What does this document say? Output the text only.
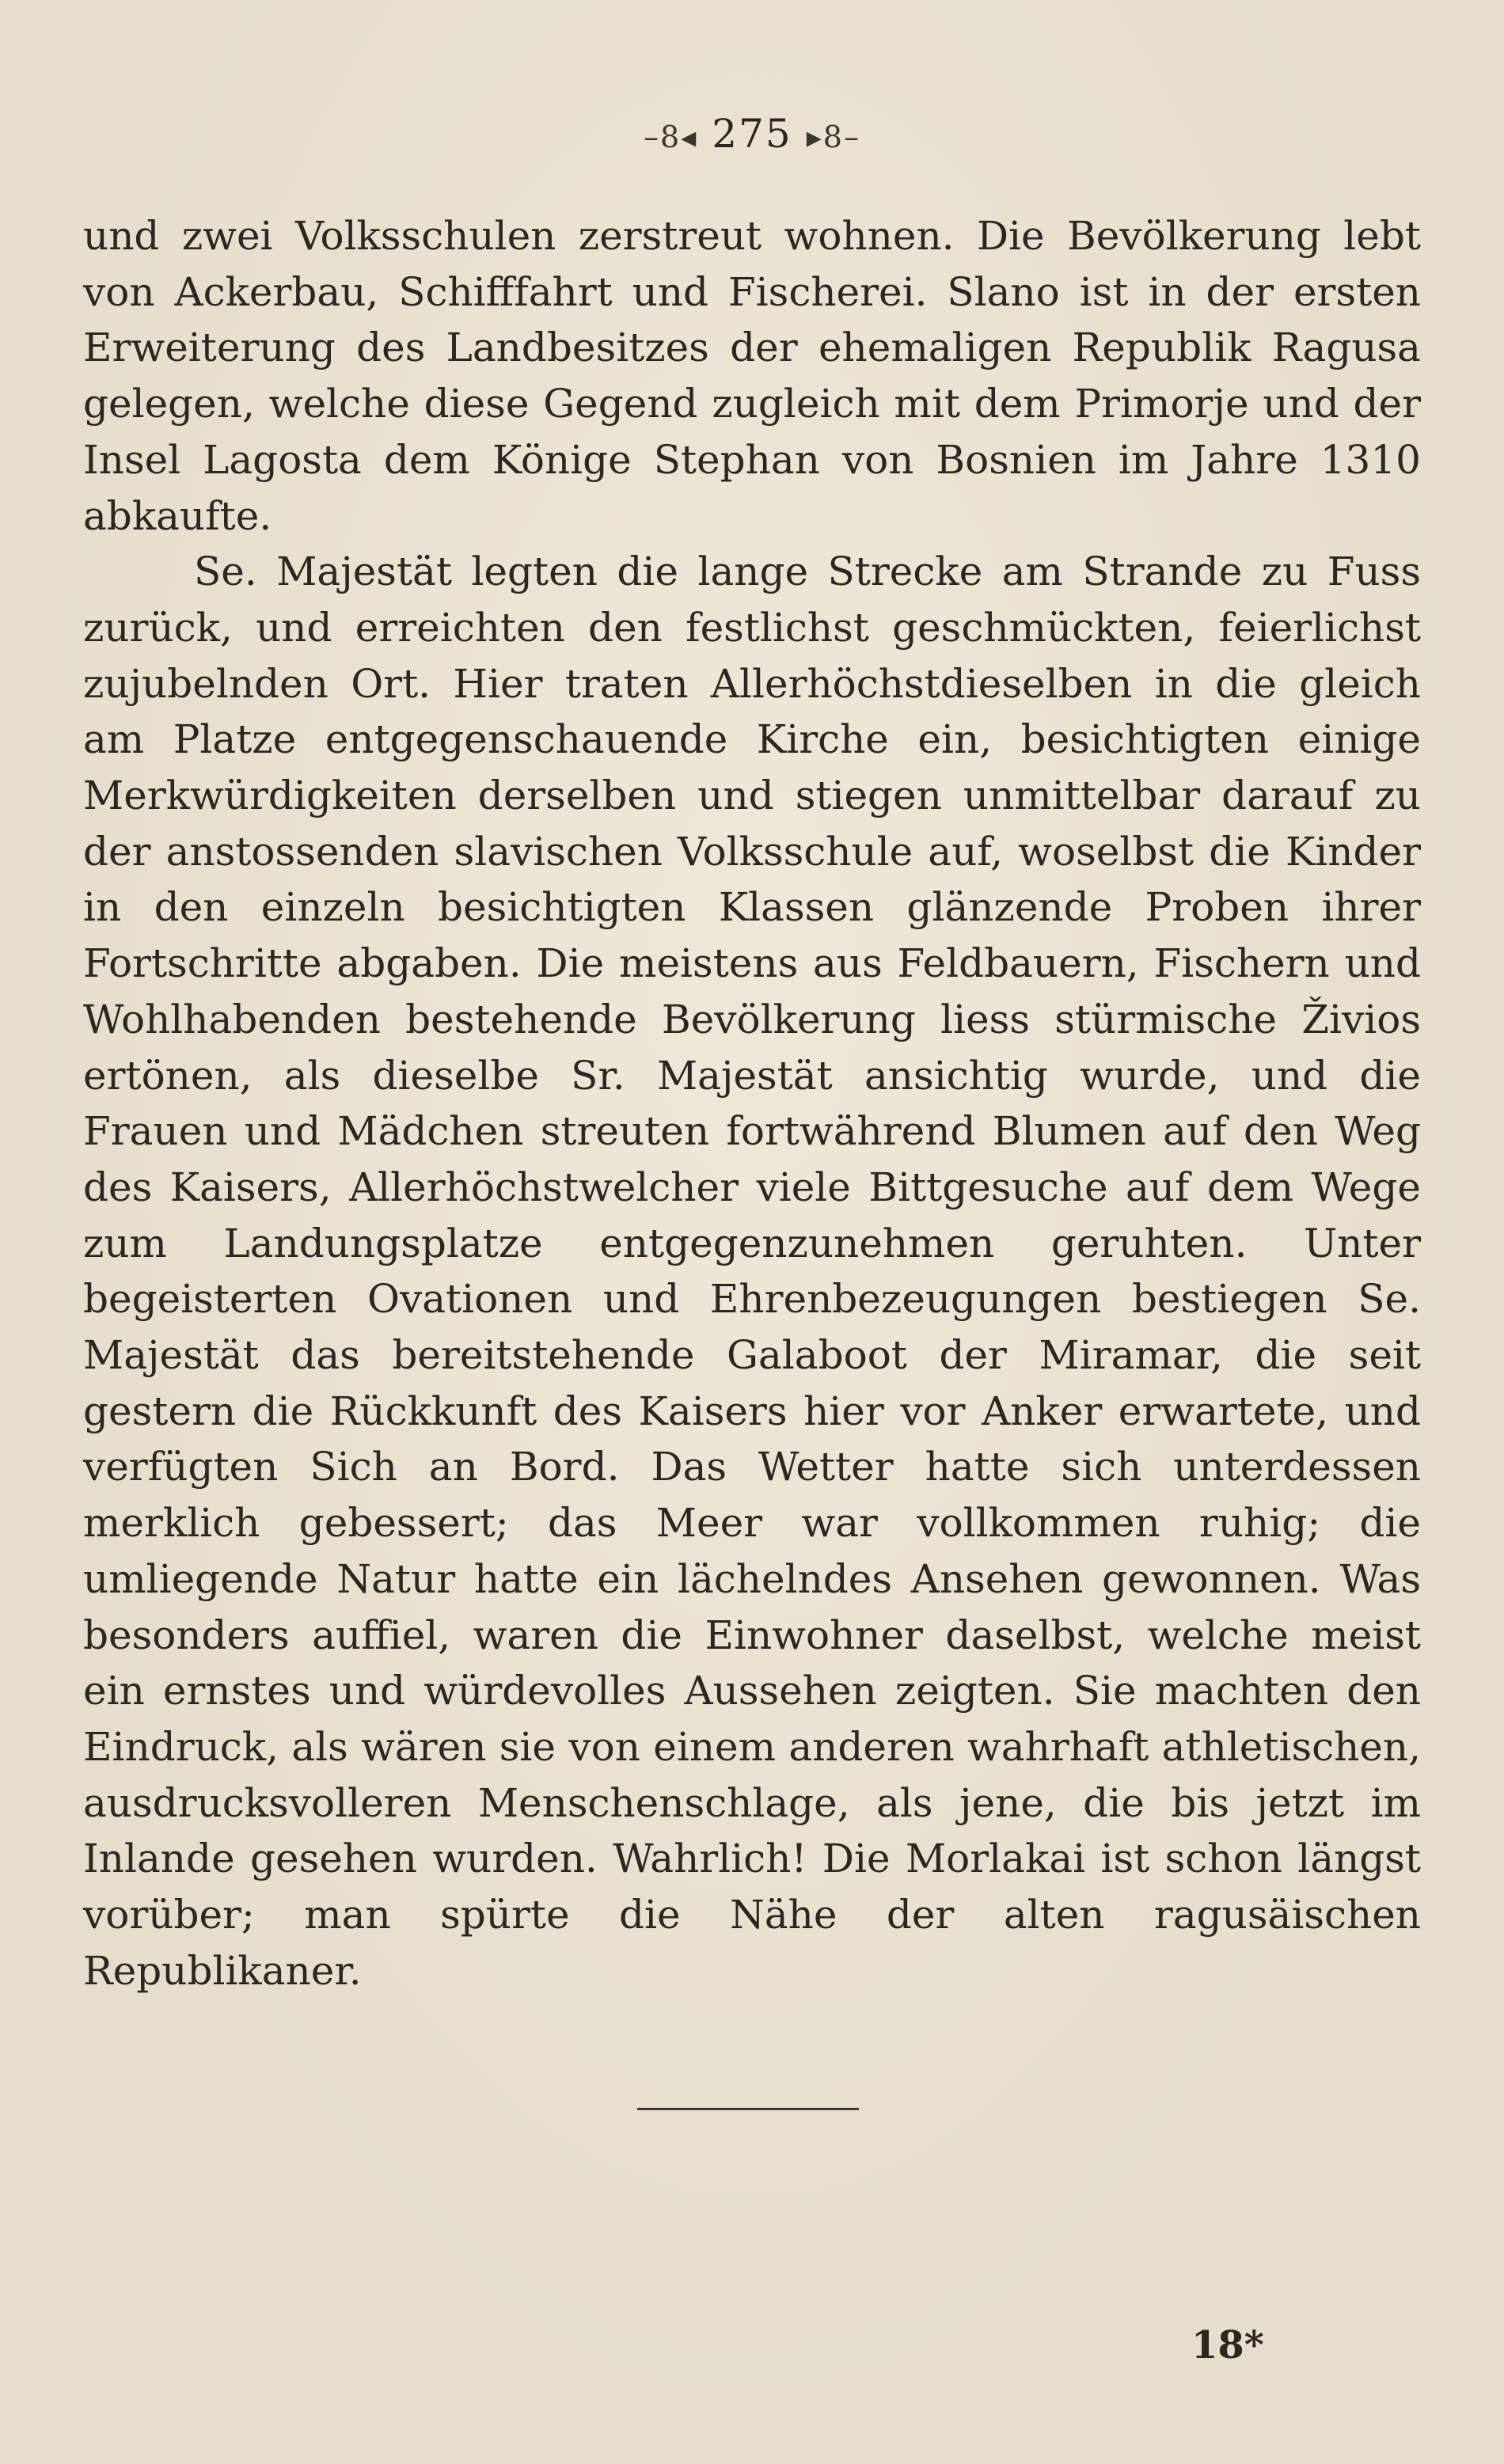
–8◂ 275 ▸8–

und zwei Volksschulen zerstreut wohnen. Die Bevölkerung lebt von Ackerbau, Schifffahrt und Fischerei. Slano ist in der ersten Erweiterung des Landbesitzes der ehemaligen Republik Ragusa gelegen, welche diese Gegend zugleich mit dem Primorje und der Insel Lagosta dem Könige Stephan von Bosnien im Jahre 1310 abkaufte.

Se. Majestät legten die lange Strecke am Strande zu Fuss zurück, und erreichten den festlichst geschmückten, feierlichst zujubelnden Ort. Hier traten Allerhöchstdieselben in die gleich am Platze entgegenschauende Kirche ein, besichtigten einige Merkwürdigkeiten derselben und stiegen unmittelbar darauf zu der anstossenden slavischen Volksschule auf, woselbst die Kinder in den einzeln besichtigten Klassen glänzende Proben ihrer Fortschritte abgaben. Die meistens aus Feldbauern, Fischern und Wohlhabenden bestehende Bevölkerung liess stürmische Živios ertönen, als dieselbe Sr. Majestät ansichtig wurde, und die Frauen und Mädchen streuten fortwährend Blumen auf den Weg des Kaisers, Allerhöchstwelcher viele Bittgesuche auf dem Wege zum Landungsplatze entgegenzunehmen geruhten. Unter begeisterten Ovationen und Ehrenbezeugungen bestiegen Se. Majestät das bereitstehende Galaboot der Miramar, die seit gestern die Rückkunft des Kaisers hier vor Anker erwartete, und verfügten Sich an Bord. Das Wetter hatte sich unterdessen merklich gebessert; das Meer war vollkommen ruhig; die umliegende Natur hatte ein lächelndes Ansehen gewonnen. Was besonders auffiel, waren die Einwohner daselbst, welche meist ein ernstes und würdevolles Aussehen zeigten. Sie machten den Eindruck, als wären sie von einem anderen wahrhaft athletischen, ausdrucksvolleren Menschenschlage, als jene, die bis jetzt im Inlande gesehen wurden. Wahrlich! Die Morlakai ist schon längst vorüber; man spürte die Nähe der alten ragusäischen Republikaner.

18*
